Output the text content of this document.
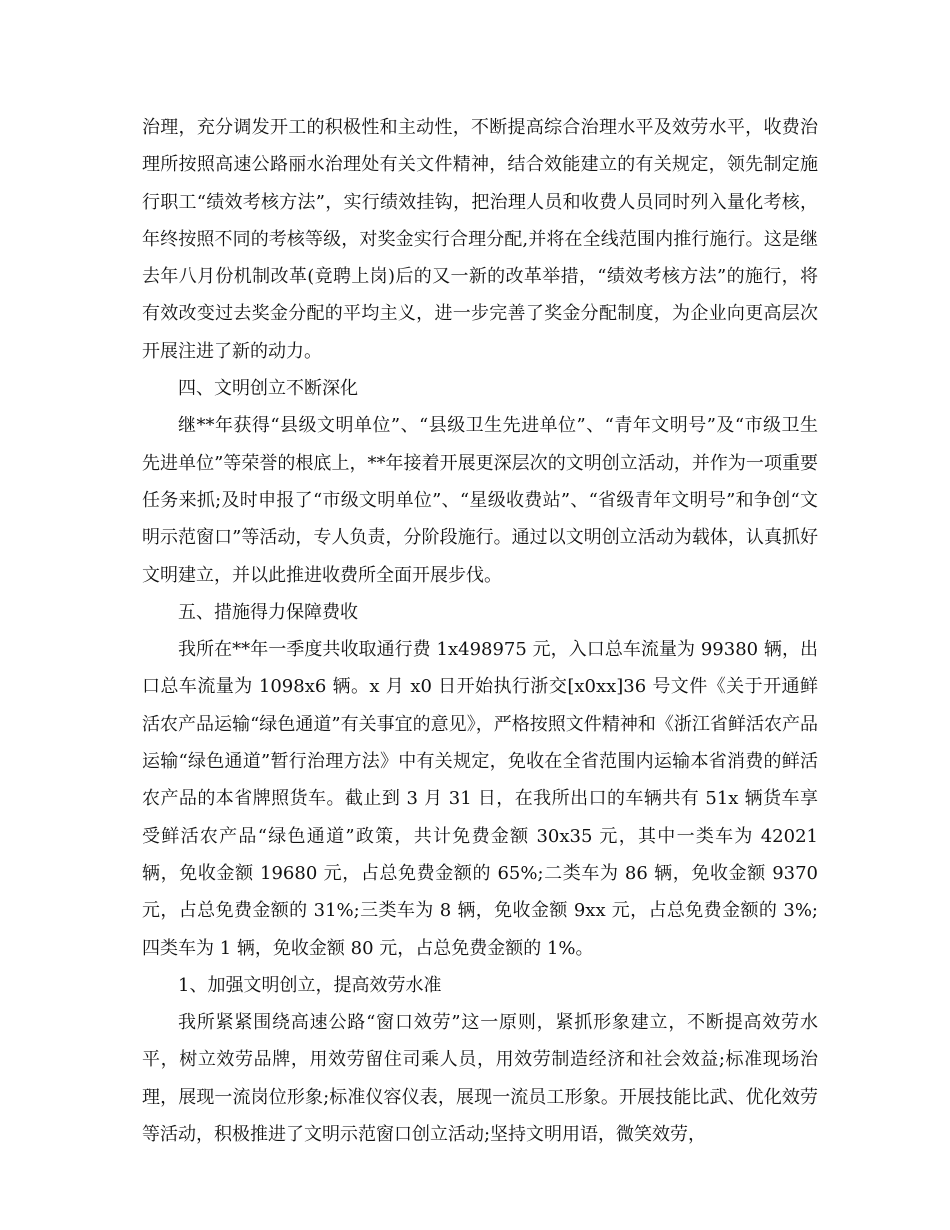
治理，充分调发开工的积极性和主动性，不断提高综合治理水平及效劳水平，收费治理所按照高速公路丽水治理处有关文件精神，结合效能建立的有关规定，领先制定施行职工“绩效考核方法”，实行绩效挂钩，把治理人员和收费人员同时列入量化考核，年终按照不同的考核等级，对奖金实行合理分配,并将在全线范围内推行施行。这是继去年八月份机制改革(竟聘上岗)后的又一新的改革举措，“绩效考核方法”的施行，将有效改变过去奖金分配的平均主义，进一步完善了奖金分配制度，为企业向更高层次开展注进了新的动力。

四、文明创立不断深化

继**年获得“县级文明单位”、“县级卫生先进单位”、“青年文明号”及“市级卫生先进单位”等荣誉的根底上，**年接着开展更深层次的文明创立活动，并作为一项重要任务来抓;及时申报了“市级文明单位”、“星级收费站”、“省级青年文明号”和争创“文明示范窗口”等活动，专人负责，分阶段施行。通过以文明创立活动为载体，认真抓好文明建立，并以此推进收费所全面开展步伐。

五、措施得力保障费收

我所在**年一季度共收取通行费 1x498975 元，入口总车流量为 99380 辆，出口总车流量为 1098x6 辆。x 月 x0 日开始执行浙交[x0xx]36 号文件《关于开通鲜活农产品运输“绿色通道”有关事宜的意见》，严格按照文件精神和《浙江省鲜活农产品运输“绿色通道”暂行治理方法》中有关规定，免收在全省范围内运输本省消费的鲜活农产品的本省牌照货车。截止到 3 月 31 日，在我所出口的车辆共有 51x 辆货车享受鲜活农产品“绿色通道”政策，共计免费金额 30x35 元，其中一类车为 42021 辆，免收金额 19680 元，占总免费金额的 65%;二类车为 86 辆，免收金额 9370 元，占总免费金额的 31%;三类车为 8 辆，免收金额 9xx 元，占总免费金额的 3%;四类车为 1 辆，免收金额 80 元，占总免费金额的 1%。

1、加强文明创立，提高效劳水准

我所紧紧围绕高速公路“窗口效劳”这一原则，紧抓形象建立，不断提高效劳水平，树立效劳品牌，用效劳留住司乘人员，用效劳制造经济和社会效益;标准现场治理，展现一流岗位形象;标准仪容仪表，展现一流员工形象。开展技能比武、优化效劳等活动，积极推进了文明示范窗口创立活动;坚持文明用语，微笑效劳，
